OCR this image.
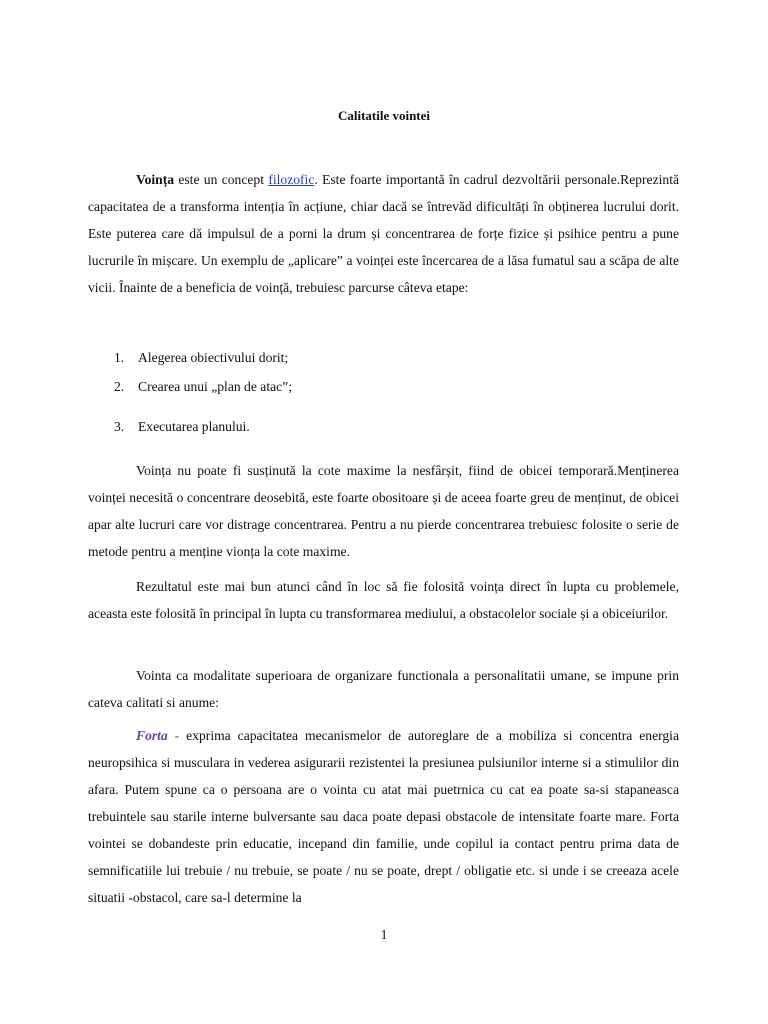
Calitatile vointei

Voința este un concept filozofic. Este foarte importantă în cadrul dezvoltării personale.Reprezintă capacitatea de a transforma intenția în acțiune, chiar dacă se întrevăd dificultăți în obținerea lucrului dorit. Este puterea care dă impulsul de a porni la drum și concentrarea de forțe fizice și psihice pentru a pune lucrurile în mișcare. Un exemplu de „aplicare” a voinței este încercarea de a lăsa fumatul sau a scăpa de alte vicii. Înainte de a beneficia de voință, trebuiesc parcurse câteva etape:

1. Alegerea obiectivului dorit;
2. Crearea unui „plan de atac”;
3. Executarea planului.

Voința nu poate fi susținută la cote maxime la nesfârșit, fiind de obicei temporară.Menținerea voinței necesită o concentrare deosebită, este foarte obositoare și de aceea foarte greu de menținut, de obicei apar alte lucruri care vor distrage concentrarea. Pentru a nu pierde concentrarea trebuiesc folosite o serie de metode pentru a menține vionța la cote maxime.

Rezultatul este mai bun atunci când în loc să fie folosită voința direct în lupta cu problemele, aceasta este folosită în principal în lupta cu transformarea mediului, a obstacolelor sociale și a obiceiurilor.

Vointa ca modalitate superioara de organizare functionala a personalitatii umane, se impune prin cateva calitati si anume:

Forta - exprima capacitatea mecanismelor de autoreglare de a mobiliza si concentra energia neuropsihica si musculara in vederea asigurarii rezistentei la presiunea pulsiunilor interne si a stimulilor din afara. Putem spune ca o persoana are o vointa cu atat mai puetrnica cu cat ea poate sa-si stapaneasca trebuintele sau starile interne bulversante sau daca poate depasi obstacole de intensitate foarte mare. Forta vointei se dobandeste prin educatie, incepand din familie, unde copilul ia contact pentru prima data de semnificatiile lui trebuie / nu trebuie, se poate / nu se poate, drept / obligatie etc. si unde i se creeaza acele situatii -obstacol, care sa-l determine la

1
